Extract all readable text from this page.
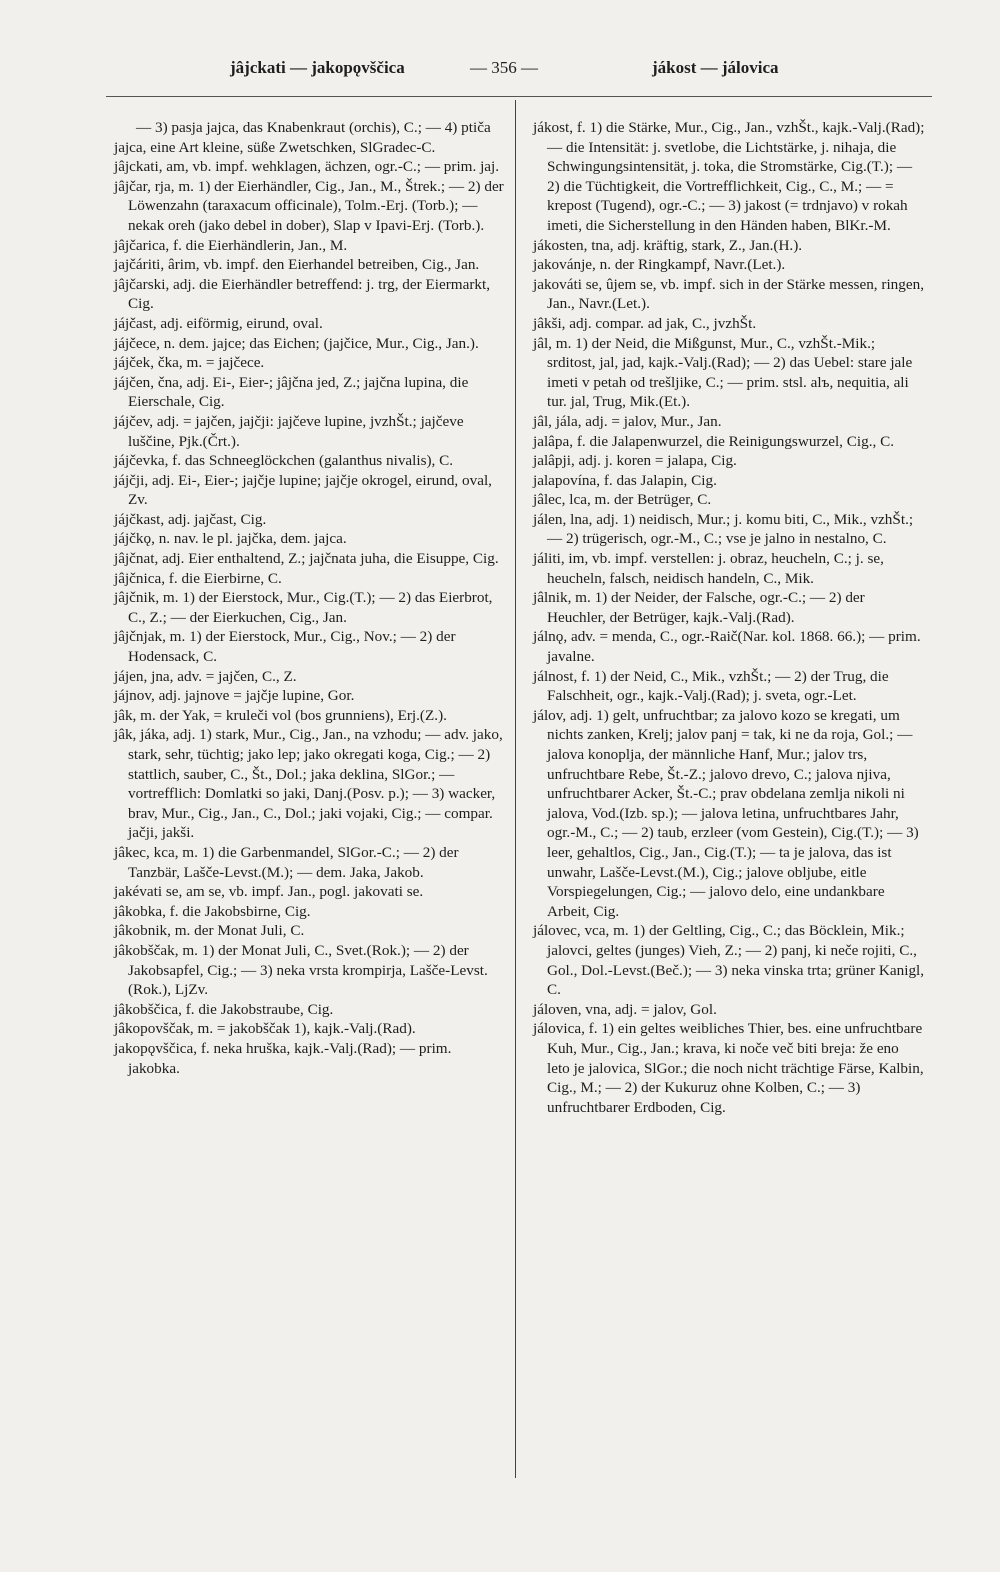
jâjckati — jakopǫvščica	— 356 —	jákost — jálovica

— 3) pasja jajca, das Knabenkraut (orchis), C.; — 4) ptiča jajca, eine Art kleine, süße Zwetschken, SlGradec-C.

jâjckati, am, vb. impf. wehklagen, ächzen, ogr.-C.; — prim. jaj.

jâjčar, rja, m. 1) der Eierhändler, Cig., Jan., M., Štrek.; — 2) der Löwenzahn (taraxacum officinale), Tolm.-Erj. (Torb.); — nekak oreh (jako debel in dober), Slap v Ipavi-Erj. (Torb.).

jâjčarica, f. die Eierhändlerin, Jan., M.

jajčáriti, ârim, vb. impf. den Eierhandel betreiben, Cig., Jan.

jâjčarski, adj. die Eierhändler betreffend: j. trg, der Eiermarkt, Cig.

jájčast, adj. eiförmig, eirund, oval.

jájčece, n. dem. jajce; das Eichen; (jajčice, Mur., Cig., Jan.).

jájček, čka, m. = jajčece.

jájčen, čna, adj. Ei-, Eier-; jâjčna jed, Z.; jajčna lupina, die Eierschale, Cig.

jájčev, adj. = jajčen, jajčji: jajčeve lupine, jvzhŠt.; jajčeve luščine, Pjk.(Črt.).

jájčevka, f. das Schneeglöckchen (galanthus nivalis), C.

jájčji, adj. Ei-, Eier-; jajčje lupine; jajčje okrogel, eirund, oval, Zv.

jájčkast, adj. jajčast, Cig.

jájčkǫ, n. nav. le pl. jajčka, dem. jajca.

jâjčnat, adj. Eier enthaltend, Z.; jajčnata juha, die Eisuppe, Cig.

jâjčnica, f. die Eierbirne, C.

jâjčnik, m. 1) der Eierstock, Mur., Cig.(T.); — 2) das Eierbrot, C., Z.; — der Eierkuchen, Cig., Jan.

jâjčnjak, m. 1) der Eierstock, Mur., Cig., Nov.; — 2) der Hodensack, C.

jájen, jna, adv. = jajčen, C., Z.

jájnov, adj. jajnove = jajčje lupine, Gor.

jâk, m. der Yak, = kruleči vol (bos grunniens), Erj.(Z.).

jâk, jáka, adj. 1) stark, Mur., Cig., Jan., na vzhodu; — adv. jako, stark, sehr, tüchtig; jako lep; jako okregati koga, Cig.; — 2) stattlich, sauber, C., Št., Dol.; jaka deklina, SlGor.; — vortrefflich: Domlatki so jaki, Danj.(Posv. p.); — 3) wacker, brav, Mur., Cig., Jan., C., Dol.; jaki vojaki, Cig.; — compar. jačji, jakši.

jâkec, kca, m. 1) die Garbenmandel, SlGor.-C.; — 2) der Tanzbär, Lašče-Levst.(M.); — dem. Jaka, Jakob.

jakévati se, am se, vb. impf. Jan., pogl. jakovati se.

jâkobka, f. die Jakobsbirne, Cig.

jâkobnik, m. der Monat Juli, C.

jâkobščak, m. 1) der Monat Juli, C., Svet.(Rok.); — 2) der Jakobsapfel, Cig.; — 3) neka vrsta krompirja, Lašče-Levst.(Rok.), LjZv.

jâkobščica, f. die Jakobstraube, Cig.

jâkopovščak, m. = jakobščak 1), kajk.-Valj.(Rad).

jakopǫvščica, f. neka hruška, kajk.-Valj.(Rad); — prim. jakobka.

jákost, f. 1) die Stärke, Mur., Cig., Jan., vzhŠt., kajk.-Valj.(Rad); — die Intensität: j. svetlobe, die Lichtstärke, j. nihaja, die Schwingungsintensität, j. toka, die Stromstärke, Cig.(T.); — 2) die Tüchtigkeit, die Vortrefflichkeit, Cig., C., M.; — = krepost (Tugend), ogr.-C.; — 3) jakost (= trdnjavo) v rokah imeti, die Sicherstellung in den Händen haben, BlKr.-M.

jákosten, tna, adj. kräftig, stark, Z., Jan.(H.).

jakovánje, n. der Ringkampf, Navr.(Let.).

jakováti se, ûjem se, vb. impf. sich in der Stärke messen, ringen, Jan., Navr.(Let.).

jâkši, adj. compar. ad jak, C., jvzhŠt.

jâl, m. 1) der Neid, die Mißgunst, Mur., C., vzhŠt.-Mik.; srditost, jal, jad, kajk.-Valj.(Rad); — 2) das Uebel: stare jale imeti v petah od trešljike, C.; — prim. stsl. alъ, nequitia, ali tur. jal, Trug, Mik.(Et.).

jâl, jála, adj. = jalov, Mur., Jan.

jalâpa, f. die Jalapenwurzel, die Reinigungswurzel, Cig., C.

jalâpji, adj. j. koren = jalapa, Cig.

jalapovína, f. das Jalapin, Cig.

jâlec, lca, m. der Betrüger, C.

jálen, lna, adj. 1) neidisch, Mur.; j. komu biti, C., Mik., vzhŠt.; — 2) trügerisch, ogr.-M., C.; vse je jalno in nestalno, C.

jáliti, im, vb. impf. verstellen: j. obraz, heucheln, C.; j. se, heucheln, falsch, neidisch handeln, C., Mik.

jâlnik, m. 1) der Neider, der Falsche, ogr.-C.; — 2) der Heuchler, der Betrüger, kajk.-Valj.(Rad).

jálnǫ, adv. = menda, C., ogr.-Raič(Nar. kol. 1868. 66.); — prim. javalne.

jálnost, f. 1) der Neid, C., Mik., vzhŠt.; — 2) der Trug, die Falschheit, ogr., kajk.-Valj.(Rad); j. sveta, ogr.-Let.

jálov, adj. 1) gelt, unfruchtbar; za jalovo kozo se kregati, um nichts zanken, Krelj; jalov panj = tak, ki ne da roja, Gol.; — jalova konoplja, der männliche Hanf, Mur.; jalov trs, unfruchtbare Rebe, Št.-Z.; jalovo drevo, C.; jalova njiva, unfruchtbarer Acker, Št.-C.; prav obdelana zemlja nikoli ni jalova, Vod.(Izb. sp.); — jalova letina, unfruchtbares Jahr, ogr.-M., C.; — 2) taub, erzleer (vom Gestein), Cig.(T.); — 3) leer, gehaltlos, Cig., Jan., Cig.(T.); — ta je jalova, das ist unwahr, Lašče-Levst.(M.), Cig.; jalove obljube, eitle Vorspiegelungen, Cig.; — jalovo delo, eine undankbare Arbeit, Cig.

jálovec, vca, m. 1) der Geltling, Cig., C.; das Böcklein, Mik.; jalovci, geltes (junges) Vieh, Z.; — 2) panj, ki neče rojiti, C., Gol., Dol.-Levst.(Beč.); — 3) neka vinska trta; grüner Kanigl, C.

jáloven, vna, adj. = jalov, Gol.

jálovica, f. 1) ein geltes weibliches Thier, bes. eine unfruchtbare Kuh, Mur., Cig., Jan.; krava, ki noče več biti breja: že eno leto je jalovica, SlGor.; die noch nicht trächtige Färse, Kalbin, Cig., M.; — 2) der Kukuruz ohne Kolben, C.; — 3) unfruchtbarer Erdboden, Cig.
